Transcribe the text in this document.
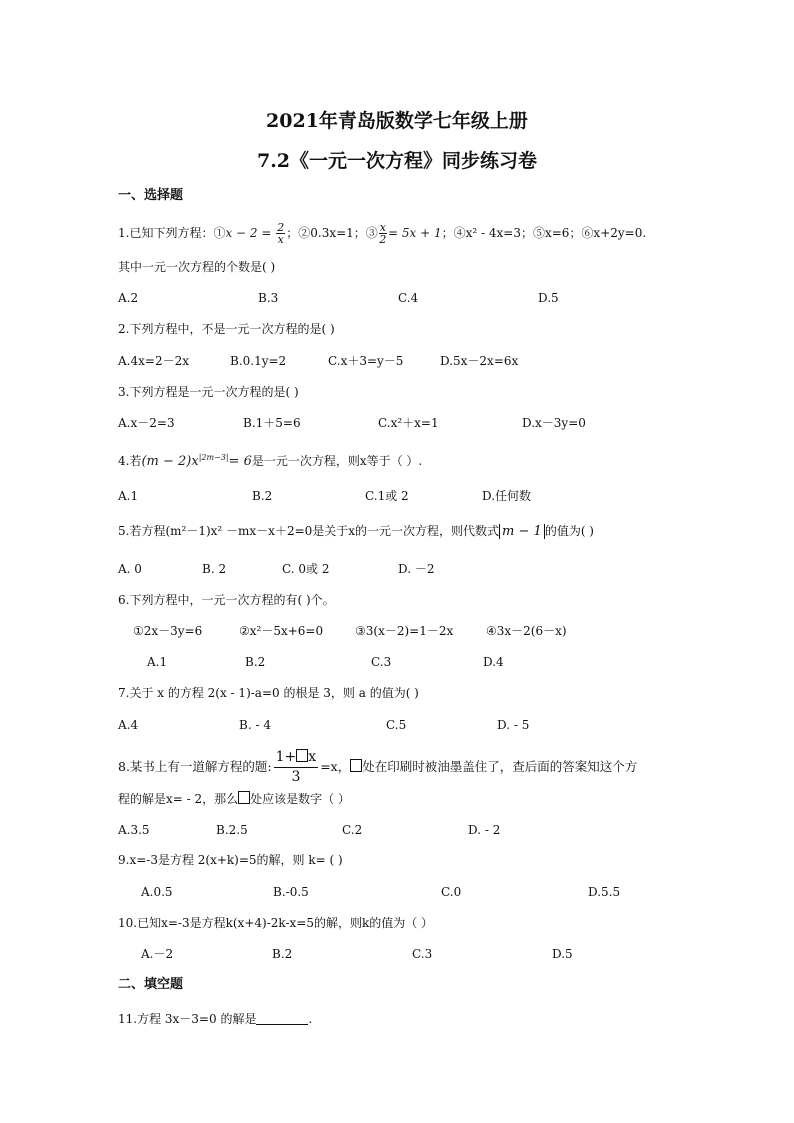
2021年青岛版数学七年级上册
7.2《一元一次方程》同步练习卷
一、选择题
1.已知下列方程：①x − $2 = \frac{2}{x}$ ；②0.3x=1；③ $\frac{x}{2} = 5x + 1$；④x² - 4x=3；⑤x=6；⑥x+2y=0.
其中一元一次方程的个数是( )
A.2	B.3	C.4	D.5
2.下列方程中，不是一元一次方程的是( )
A.4x=2－2x	B.0.1y=2	C.x＋3=y－5	D.5x－2x=6x
3.下列方程是一元一次方程的是( )
A.x－2=3	B.1＋5=6	C.x²＋x=1	D.x－3y=0
4.若$(m - 2)x^{|2m-3|}= 6$是一元一次方程，则x等于（ ）.
A.1	B.2	C.1或 2	D.任何数
5.若方程(m²－1)x² －mx－x＋2=0是关于x的一元一次方程，则代数式 m − 1 的值为( )
A. 0	B. 2	C. 0或 2	D. －2
6.下列方程中，一元一次方程的有( )个。
①2x－3y=6	②x²－5x+6=0	③3(x－2)=1－2x	④3x－2(6－x)
A.1	B.2	C.3	D.4
7.关于 x 的方程 2(x - 1)-a=0 的根是 3，则 a 的值为( )
A.4	B. - 4	C.5	D. - 5
8.某书上有一道解方程的题: $\frac{1+ x}{3} =x$， 处在印刷时被油墨盖住了，查后面的答案知这个方
程的解是x= - 2，那么 处应该是数字（ ）
A.3.5	B.2.5	C.2	D. - 2
9.x=-3是方程 2(x+k)=5的解，则 k= ( )
A.0.5	B.-0.5	C.0	D.5.5
10.已知x=-3是方程k(x+4)-2k-x=5的解，则k的值为（ ）
A.－2	B.2	C.3	D.5
二、填空题
11.方程 3x－3=0 的解是	.
